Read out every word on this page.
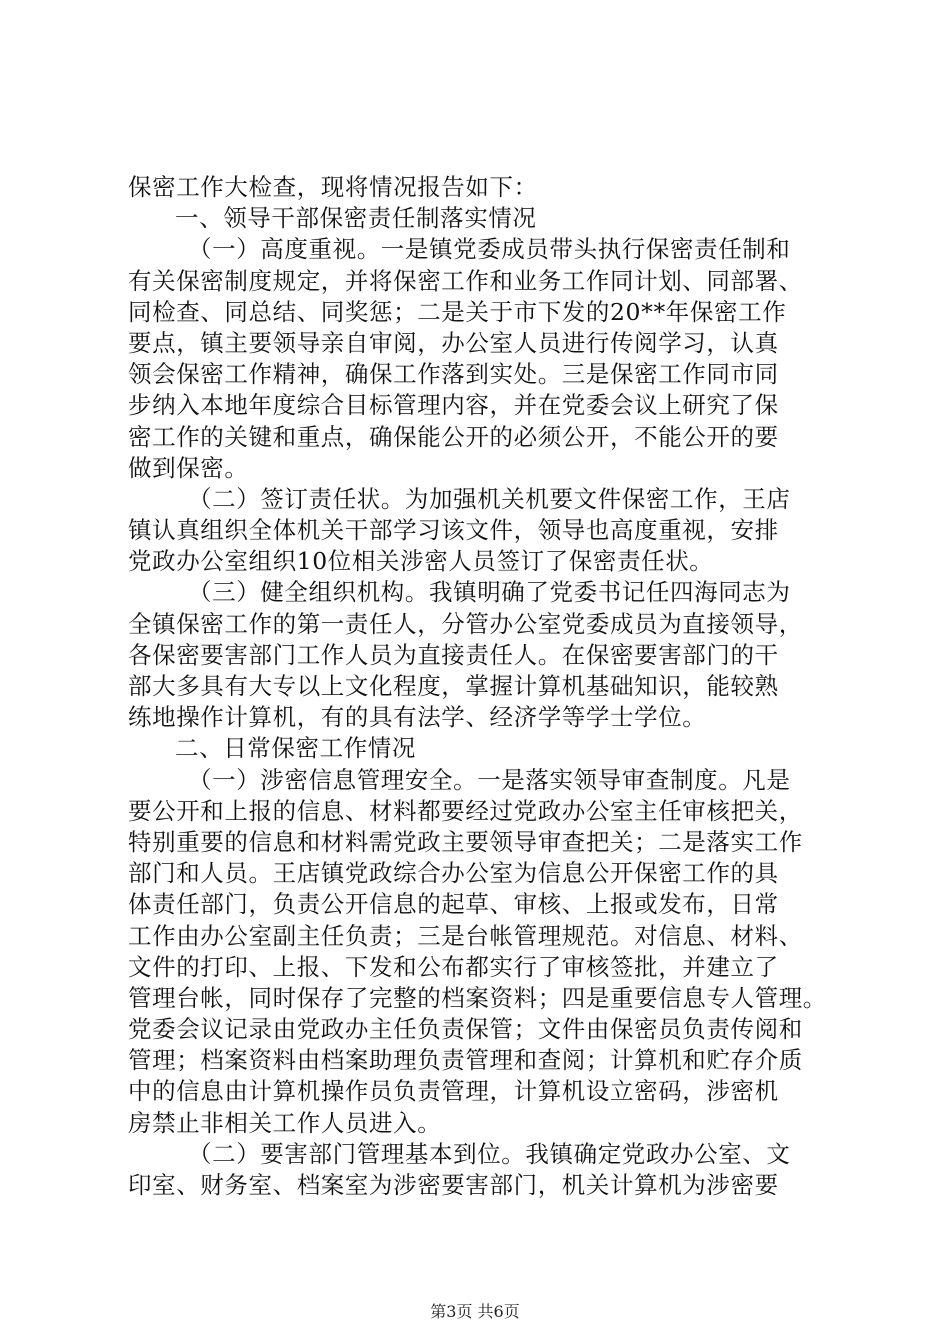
保密工作大检查，现将情况报告如下：
一、领导干部保密责任制落实情况
（一）高度重视。一是镇党委成员带头执行保密责任制和
有关保密制度规定，并将保密工作和业务工作同计划、同部署、
同检查、同总结、同奖惩；二是关于市下发的20**年保密工作
要点，镇主要领导亲自审阅，办公室人员进行传阅学习，认真
领会保密工作精神，确保工作落到实处。三是保密工作同市同
步纳入本地年度综合目标管理内容，并在党委会议上研究了保
密工作的关键和重点，确保能公开的必须公开，不能公开的要
做到保密。
（二）签订责任状。为加强机关机要文件保密工作，王店
镇认真组织全体机关干部学习该文件，领导也高度重视，安排
党政办公室组织10位相关涉密人员签订了保密责任状。
（三）健全组织机构。我镇明确了党委书记任四海同志为
全镇保密工作的第一责任人，分管办公室党委成员为直接领导，
各保密要害部门工作人员为直接责任人。在保密要害部门的干
部大多具有大专以上文化程度，掌握计算机基础知识，能较熟
练地操作计算机，有的具有法学、经济学等学士学位。
二、日常保密工作情况
（一）涉密信息管理安全。一是落实领导审查制度。凡是
要公开和上报的信息、材料都要经过党政办公室主任审核把关，
特别重要的信息和材料需党政主要领导审查把关；二是落实工作
部门和人员。王店镇党政综合办公室为信息公开保密工作的具
体责任部门，负责公开信息的起草、审核、上报或发布，日常
工作由办公室副主任负责；三是台帐管理规范。对信息、材料、
文件的打印、上报、下发和公布都实行了审核签批，并建立了
管理台帐，同时保存了完整的档案资料；四是重要信息专人管理。
党委会议记录由党政办主任负责保管；文件由保密员负责传阅和
管理；档案资料由档案助理负责管理和查阅；计算机和贮存介质
中的信息由计算机操作员负责管理，计算机设立密码，涉密机
房禁止非相关工作人员进入。
（二）要害部门管理基本到位。我镇确定党政办公室、文
印室、财务室、档案室为涉密要害部门，机关计算机为涉密要
第3页 共6页
